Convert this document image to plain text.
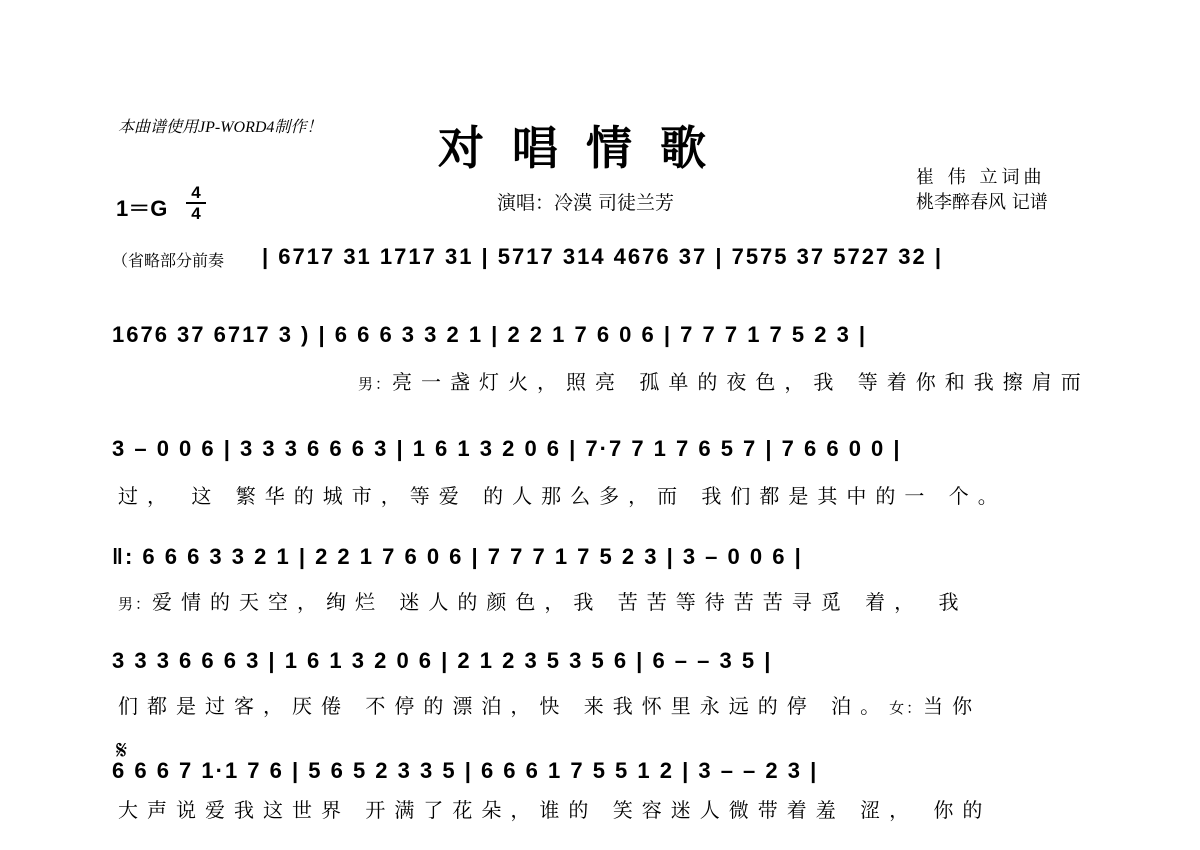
本曲谱使用JP-WORD4制作！	对唱情歌
1＝G
4
4	演唱：冷漠 司徒兰芳
崔 伟 立词曲
桃李醉春风 记谱
（省略部分前奏 | 6717 31 1717 31 | 5717 314 4676 37 | 7575 37 5727 32 |
1676 37 6717 3 ) | 6 6 6 3 3 2 1 | 2 2 1 7 6 0 6 | 7 7 7 1 7 5 2 3 |
男：亮一盏灯火，照亮 孤单的夜色，我 等着你和我擦肩而
3 – 0 0 6 | 3 3 3 6 6 6 3 | 1 6 1 3 2 0 6 | 7·7 7 1 7 6 5 7 | 7 6 6 0 0 |
过， 这 繁华的城市，等爱 的人那么多，而 我们都是其中的一 个。
‖: 6 6 6 3 3 2 1 | 2 2 1 7 6 0 6 | 7 7 7 1 7 5 2 3 | 3 – 0 0 6 |
男：爱情的天空，绚烂 迷人的颜色，我 苦苦等待苦苦寻觅 着， 我
3 3 3 6 6 6 3 | 1 6 1 3 2 0 6 | 2 1 2 3 5 3 5 6 | 6 – – 3 5 |
们都是过客，厌倦 不停的漂泊，快 来我怀里永远的停 泊。女：当你
𝄋
6 6 6 7 1·1 7 6 | 5 6 5 2 3 3 5 | 6 6 6 1 7 5 5 1 2 | 3 – – 2 3 |
大声说爱我这世界 开满了花朵，谁的 笑容迷人微带着羞 涩， 你的
